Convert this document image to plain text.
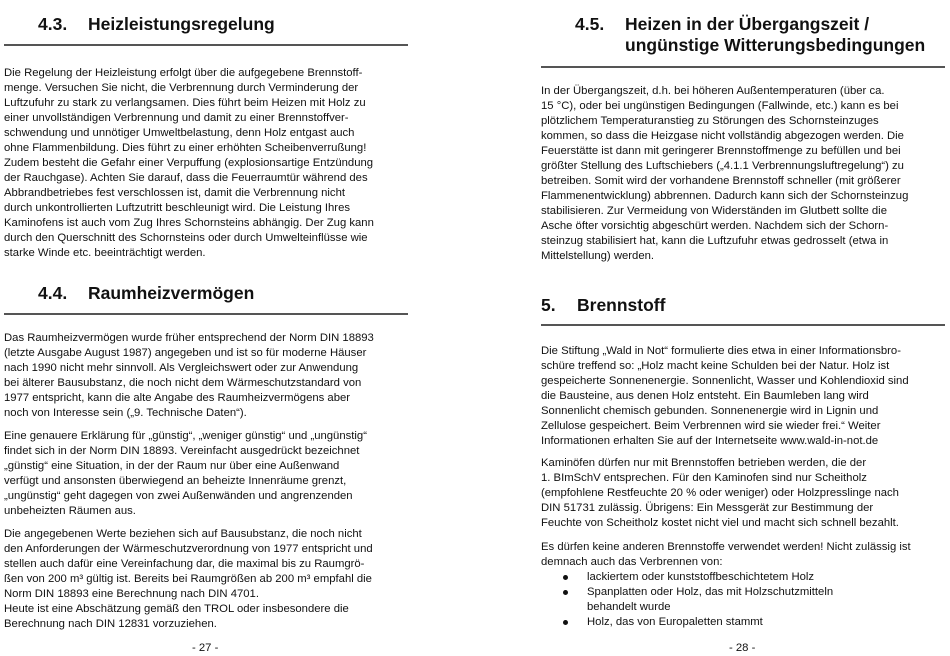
4.3.	Heizleistungsregelung

Die Regelung der Heizleistung erfolgt über die aufgegebene Brennstoff-
menge. Versuchen Sie nicht, die Verbrennung durch Verminderung der
Luftzufuhr zu stark zu verlangsamen. Dies führt beim Heizen mit Holz zu
einer unvollständigen Verbrennung und damit zu einer Brennstoffver-
schwendung und unnötiger Umweltbelastung, denn Holz entgast auch
ohne Flammenbildung. Dies führt zu einer erhöhten Scheibenverrußung!
Zudem besteht die Gefahr einer Verpuffung (explosionsartige Entzündung
der Rauchgase). Achten Sie darauf, dass die Feuerraumtür während des
Abbrandbetriebes fest verschlossen ist, damit die Verbrennung nicht
durch unkontrollierten Luftzutritt beschleunigt wird. Die Leistung Ihres
Kaminofens ist auch vom Zug Ihres Schornsteins abhängig. Der Zug kann
durch den Querschnitt des Schornsteins oder durch Umwelteinflüsse wie
starke Winde etc. beeinträchtigt werden.

4.4.	Raumheizvermögen

Das Raumheizvermögen wurde früher entsprechend der Norm DIN 18893
(letzte Ausgabe August 1987) angegeben und ist so für moderne Häuser
nach 1990 nicht mehr sinnvoll. Als Vergleichswert oder zur Anwendung
bei älterer Bausubstanz, die noch nicht dem Wärmeschutzstandard von
1977 entspricht, kann die alte Angabe des Raumheizvermögens aber
noch von Interesse sein („9. Technische Daten“).

Eine genauere Erklärung für „günstig“, „weniger günstig“ und „ungünstig“
findet sich in der Norm DIN 18893. Vereinfacht ausgedrückt bezeichnet
„günstig“ eine Situation, in der der Raum nur über eine Außenwand
verfügt und ansonsten überwiegend an beheizte Innenräume grenzt,
„ungünstig“ geht dagegen von zwei Außenwänden und angrenzenden
unbeheizten Räumen aus.

Die angegebenen Werte beziehen sich auf Bausubstanz, die noch nicht
den Anforderungen der Wärmeschutzverordnung von 1977 entspricht und
stellen auch dafür eine Vereinfachung dar, die maximal bis zu Raumgrö-
ßen von 200 m³ gültig ist. Bereits bei Raumgrößen ab 200 m³ empfahl die
Norm DIN 18893 eine Berechnung nach DIN 4701.
Heute ist eine Abschätzung gemäß den TROL oder insbesondere die
Berechnung nach DIN 12831 vorzuziehen.

- 27 -
4.5.	Heizen in der Übergangszeit /
ungünstige Witterungsbedingungen

In der Übergangszeit, d.h. bei höheren Außentemperaturen (über ca.
15 °C), oder bei ungünstigen Bedingungen (Fallwinde, etc.) kann es bei
plötzlichem Temperaturanstieg zu Störungen des Schornsteinzuges
kommen, so dass die Heizgase nicht vollständig abgezogen werden. Die
Feuerstätte ist dann mit geringerer Brennstoffmenge zu befüllen und bei
größter Stellung des Luftschiebers („4.1.1 Verbrennungsluftregelung“) zu
betreiben. Somit wird der vorhandene Brennstoff schneller (mit größerer
Flammenentwicklung) abbrennen. Dadurch kann sich der Schornsteinzug
stabilisieren. Zur Vermeidung von Widerständen im Glutbett sollte die
Asche öfter vorsichtig abgeschürt werden. Nachdem sich der Schorn-
steinzug stabilisiert hat, kann die Luftzufuhr etwas gedrosselt (etwa in
Mittelstellung) werden.

5.	Brennstoff

Die Stiftung „Wald in Not“ formulierte dies etwa in einer Informationsbro-
schüre treffend so: „Holz macht keine Schulden bei der Natur. Holz ist
gespeicherte Sonnenenergie. Sonnenlicht, Wasser und Kohlendioxid sind
die Bausteine, aus denen Holz entsteht. Ein Baumleben lang wird
Sonnenlicht chemisch gebunden. Sonnenenergie wird in Lignin und
Zellulose gespeichert. Beim Verbrennen wird sie wieder frei.“ Weiter
Informationen erhalten Sie auf der Internetseite www.wald-in-not.de

Kaminöfen dürfen nur mit Brennstoffen betrieben werden, die der
1. BImSchV entsprechen. Für den Kaminofen sind nur Scheitholz
(empfohlene Restfeuchte 20 % oder weniger) oder Holzpresslinge nach
DIN 51731 zulässig. Übrigens: Ein Messgerät zur Bestimmung der
Feuchte von Scheitholz kostet nicht viel und macht sich schnell bezahlt.

Es dürfen keine anderen Brennstoffe verwendet werden! Nicht zulässig ist
demnach auch das Verbrennen von:

lackiertem oder kunststoffbeschichtetem Holz
Spanplatten oder Holz, das mit Holzschutzmitteln
behandelt wurde
Holz, das von Europaletten stammt
- 28 -
